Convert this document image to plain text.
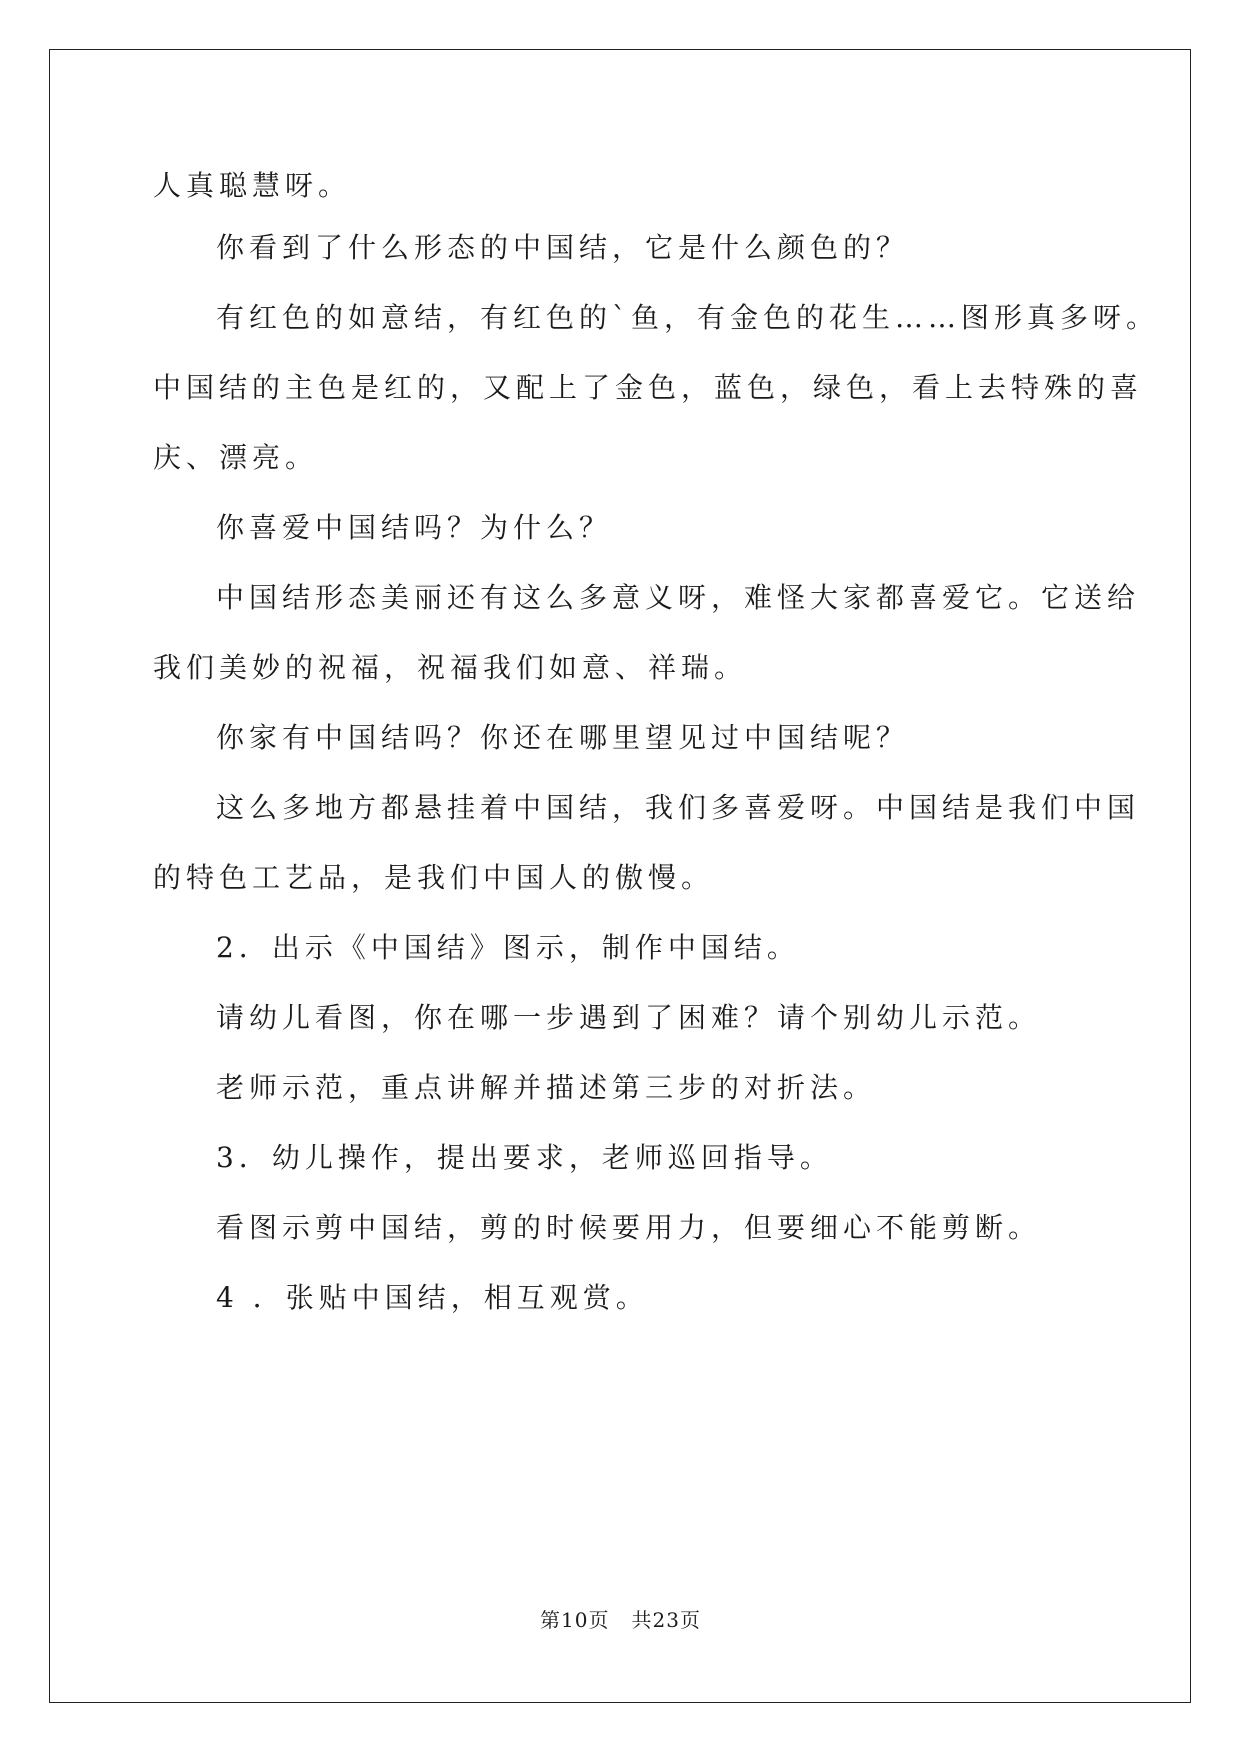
人真聪慧呀。
你看到了什么形态的中国结，它是什么颜色的？
有红色的如意结，有红色的`鱼，有金色的花生……图形真多呀。
中国结的主色是红的，又配上了金色，蓝色，绿色，看上去特殊的喜
庆、漂亮。
你喜爱中国结吗？为什么？
中国结形态美丽还有这么多意义呀，难怪大家都喜爱它。它送给
我们美妙的祝福，祝福我们如意、祥瑞。
你家有中国结吗？你还在哪里望见过中国结呢？
这么多地方都悬挂着中国结，我们多喜爱呀。中国结是我们中国
的特色工艺品，是我们中国人的傲慢。
2．出示《中国结》图示，制作中国结。
请幼儿看图，你在哪一步遇到了困难？请个别幼儿示范。
老师示范，重点讲解并描述第三步的对折法。
3．幼儿操作，提出要求，老师巡回指导。
看图示剪中国结，剪的时候要用力，但要细心不能剪断。
4 ．张贴中国结，相互观赏。
第10页   共23页
